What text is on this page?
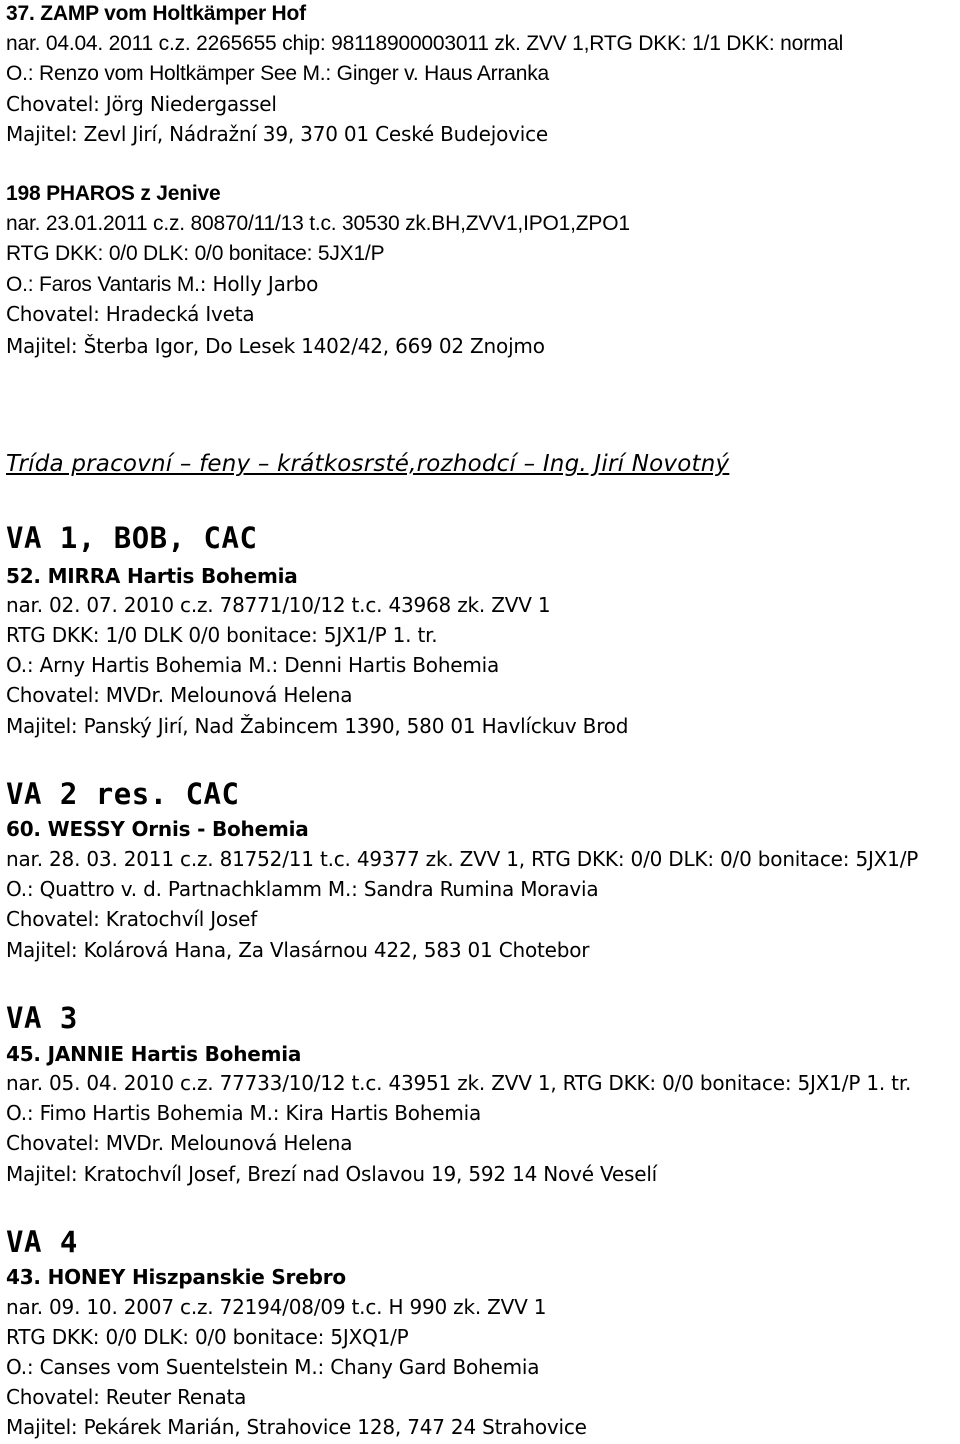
37. ZAMP vom Holtkämper Hof
nar. 04.04. 2011 c.z. 2265655 chip: 98118900003011 zk. ZVV 1,RTG DKK: 1/1 DKK: normal
O.: Renzo vom Holtkämper See M.: Ginger v. Haus Arranka
Chovatel: Jörg Niedergassel
Majitel: Zevl Jirí, Nádražní 39, 370 01 Ceské Budejovice
198 PHAROS z Jenive
nar. 23.01.2011 c.z. 80870/11/13 t.c. 30530 zk.BH,ZVV1,IPO1,ZPO1
RTG DKK: 0/0 DLK: 0/0 bonitace: 5JX1/P
O.: Faros Vantaris M.: Holly Jarbo
Chovatel: Hradecká Iveta
Majitel: Šterba Igor, Do Lesek 1402/42, 669 02 Znojmo
Trída pracovní – feny – krátkosrsté,rozhodcí – Ing. Jirí Novotný
VA 1, BOB, CAC
52. MIRRA Hartis Bohemia
nar. 02. 07. 2010 c.z. 78771/10/12 t.c. 43968 zk. ZVV 1
RTG DKK: 1/0 DLK 0/0 bonitace: 5JX1/P 1. tr.
O.: Arny Hartis Bohemia M.: Denni Hartis Bohemia
Chovatel: MVDr. Melounová Helena
Majitel: Panský Jirí, Nad Žabincem 1390, 580 01 Havlíckuv Brod
VA 2 res. CAC
60. WESSY Ornis - Bohemia
nar. 28. 03. 2011 c.z. 81752/11 t.c. 49377 zk. ZVV 1, RTG DKK: 0/0 DLK: 0/0 bonitace: 5JX1/P
O.: Quattro v. d. Partnachklamm M.: Sandra Rumina Moravia
Chovatel: Kratochvíl Josef
Majitel: Kolárová Hana, Za Vlasárnou 422, 583 01 Chotebor
VA 3
45. JANNIE Hartis Bohemia
nar. 05. 04. 2010 c.z. 77733/10/12 t.c. 43951 zk. ZVV 1, RTG DKK: 0/0 bonitace: 5JX1/P 1. tr.
O.: Fimo Hartis Bohemia M.: Kira Hartis Bohemia
Chovatel: MVDr. Melounová Helena
Majitel: Kratochvíl Josef, Brezí nad Oslavou 19, 592 14 Nové Veselí
VA 4
43. HONEY Hiszpanskie Srebro
nar. 09. 10. 2007 c.z. 72194/08/09 t.c. H 990 zk. ZVV 1
RTG DKK: 0/0 DLK: 0/0 bonitace: 5JXQ1/P
O.: Canses vom Suentelstein M.: Chany Gard Bohemia
Chovatel: Reuter Renata
Majitel: Pekárek Marián, Strahovice 128, 747 24 Strahovice
